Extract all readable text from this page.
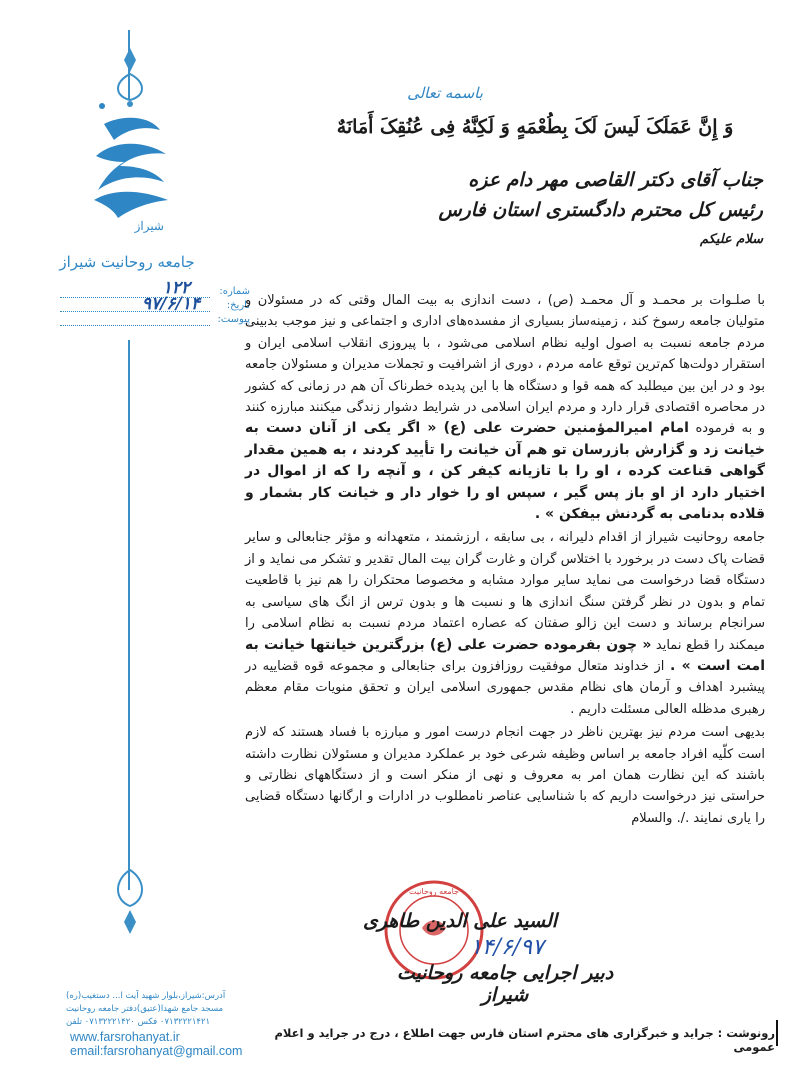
شیراز
جامعه روحانیت شیراز
شماره:
۱۲۲
تاریخ:
۹۷/۶/۱۴
پیوست:
آدرس:شیراز،بلوار شهید آیت ا... دستغیب(ره)
مسجد جامع شهدا(عتیق)دفتر جامعه روحانیت
۰۷۱۳۲۲۲۱۴۲۱ فکس ۰۷۱۳۲۲۲۱۴۲۰ تلفن
www.farsrohanyat.ir
email:farsrohanyat@gmail.com
باسمه تعالی
وَ إِنَّ عَمَلَکَ لَیسَ لَکَ بِطُعْمَهٍ وَ لَکِنَّهُ فِی عُنُقِکَ أَمَانَهٌ
جناب آقای دکتر القاصی مهر دام عزه
رئیس کل محترم دادگستری استان فارس
سلام علیکم

با صلـوات بر محمـد و آل محمـد (ص) ، دست اندازی به بیت المال وقتی که در مسئولان و متولیان جامعه رسوخ کند ، زمینه‌ساز بسیاری از مفسده‌های اداری و اجتماعی و نیز موجب بدبینی مردم جامعه نسبت به اصول اولیه نظام اسلامی می‌شود ، با پیروزی انقلاب اسلامی ایران و استقرار دولت‌ها کم‌ترین توقع عامه مردم ، دوری از اشرافیت و تجملات مدیران و مسئولان جامعه بود و در این بین میطلبد که همه قوا و دستگاه ها با این پدیده خطرناک آن هم در زمانی که کشور در محاصره اقتصادی قرار دارد و مردم ایران اسلامی در شرایط دشوار زندگی میکنند مبارزه کنند و به فرموده امام امیرالمؤمنین حضرت علی (ع) « اگر یکی از آنان دست به خیانت زد و گزارش بازرسان تو هم آن خیانت را تأیید کردند ، به همین مقدار گواهی قناعت کرده ، او را با تازیانه کیفر کن ، و آنچه را که از اموال در اختیار دارد از او باز پس گیر ، سپس او را خوار دار و خیانت کار بشمار و قلاده بدنامی به گردنش بیفکن » .

جامعه روحانیت شیراز از اقدام دلیرانه ، بی سابقه ، ارزشمند ، متعهدانه و مؤثر جنابعالی و سایر قضات پاک دست در برخورد با اختلاس گران و غارت گران بیت المال تقدیر و تشکر می نماید و از دستگاه قضا درخواست می نماید سایر موارد مشابه و مخصوصا محتکران را هم نیز با قاطعیت تمام و بدون در نظر گرفتن سنگ اندازی ها و نسبت ها و بدون ترس از انگ های سیاسی به سرانجام برساند و دست این زالو صفتان که عصاره اعتماد مردم نسبت به نظام اسلامی را میمکند را قطع نماید « چون بفرموده حضرت علی (ع) بزرگترین خیانتها خیانت به امت است » . از خداوند متعال موفقیت روزافزون برای جنابعالی و مجموعه قوه قضاییه در پیشبرد اهداف و آرمان های نظام مقدس جمهوری اسلامی ایران و تحقق منویات مقام معظم رهبری مدظله العالی مسئلت داریم .

بدیهی است مردم نیز بهترین ناظر در جهت انجام درست امور و مبارزه با فساد هستند که لازم است کلّیه افراد جامعه بر اساس وظیفه شرعی خود بر عملکرد مدیران و مسئولان نظارت داشته باشند که این نظارت همان امر به معروف و نهی از منکر است و از دستگاههای نظارتی و حراستی نیز درخواست داریم که با شناسایی عناصر نامطلوب در ادارات و ارگانها دستگاه قضایی را یاری نمایند ./. والسلام

جامعه روحانیت
السید علی الدین طاهری
۱۴/۶/۹۷
دبیر اجرایی جامعه روحانیت شیراز
رونوشت : جراید و خبرگزاری های محترم استان فارس جهت اطلاع ، درج در جراید و اعلام عمومی
